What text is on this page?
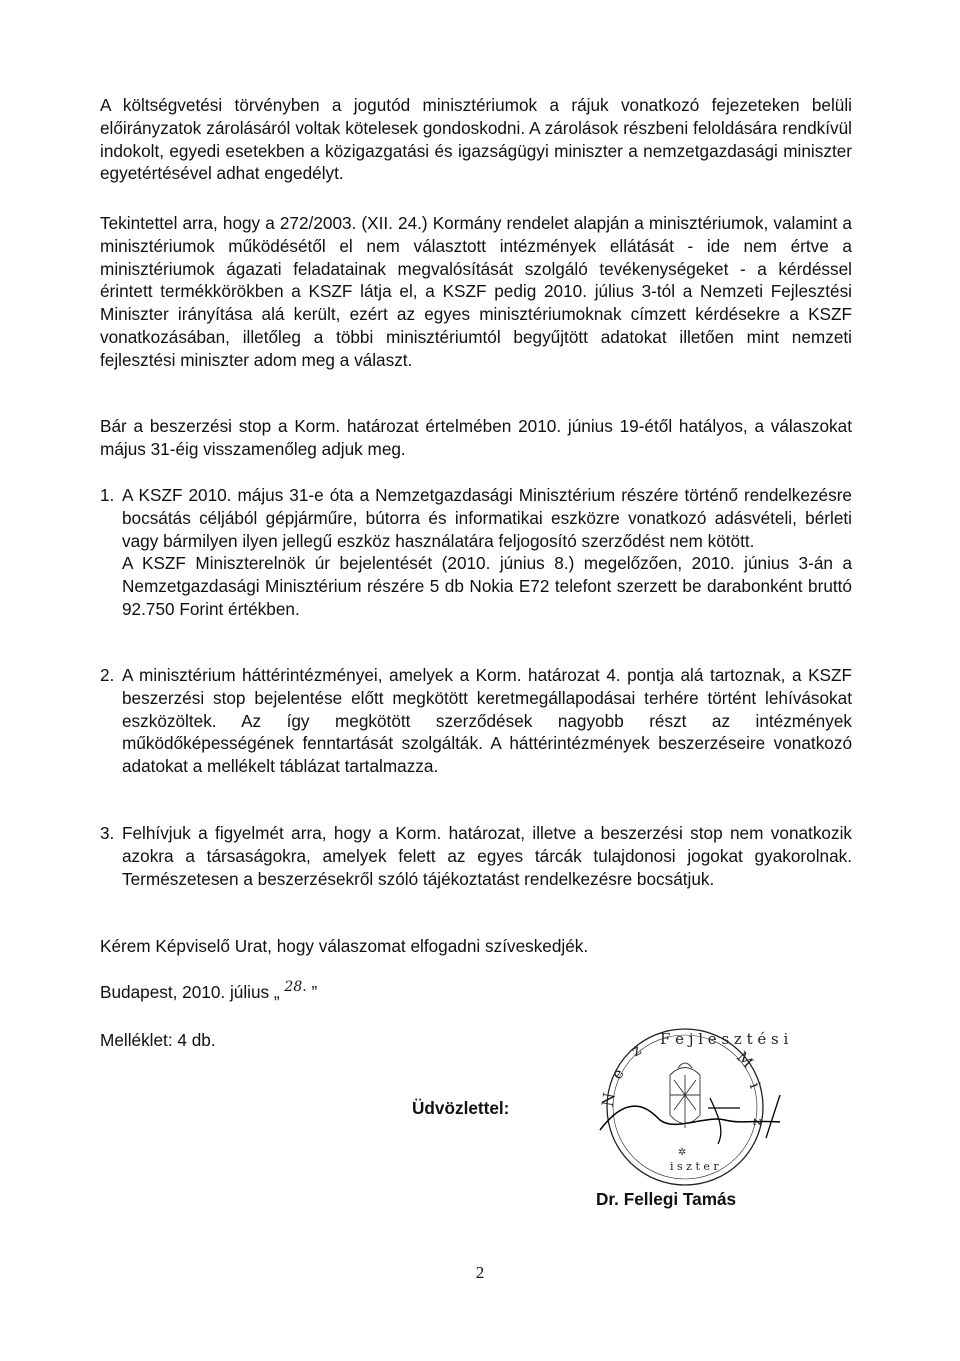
A költségvetési törvényben a jogutód minisztériumok a rájuk vonatkozó fejezeteken belüli előirányzatok zárolásáról voltak kötelesek gondoskodni. A zárolások részbeni feloldására rendkívül indokolt, egyedi esetekben a közigazgatási és igazságügyi miniszter a nemzetgazdasági miniszter egyetértésével adhat engedélyt.

Tekintettel arra, hogy a 272/2003. (XII. 24.) Kormány rendelet alapján a minisztériumok, valamint a minisztériumok működésétől el nem választott intézmények ellátását - ide nem értve a minisztériumok ágazati feladatainak megvalósítását szolgáló tevékenységeket - a kérdéssel érintett termékkörökben a KSZF látja el, a KSZF pedig 2010. július 3-tól a Nemzeti Fejlesztési Miniszter irányítása alá került, ezért az egyes minisztériumoknak címzett kérdésekre a KSZF vonatkozásában, illetőleg a többi minisztériumtól begyűjtött adatokat illetően mint nemzeti fejlesztési miniszter adom meg a választ.

Bár a beszerzési stop a Korm. határozat értelmében 2010. június 19-étől hatályos, a válaszokat május 31-éig visszamenőleg adjuk meg.

1. A KSZF 2010. május 31-e óta a Nemzetgazdasági Minisztérium részére történő rendelkezésre bocsátás céljából gépjárműre, bútorra és informatikai eszközre vonatkozó adásvételi, bérleti vagy bármilyen ilyen jellegű eszköz használatára feljogosító szerződést nem kötött.

A KSZF Miniszterelnök úr bejelentését (2010. június 8.) megelőzően, 2010. június 3-án a Nemzetgazdasági Minisztérium részére 5 db Nokia E72 telefont szerzett be darabonként bruttó 92.750 Forint értékben.

2. A minisztérium háttérintézményei, amelyek a Korm. határozat 4. pontja alá tartoznak, a KSZF beszerzési stop bejelentése előtt megkötött keretmegállapodásai terhére történt lehívásokat eszközöltek. Az így megkötött szerződések nagyobb részt az intézmények működőképességének fenntartását szolgálták. A háttérintézmények beszerzéseire vonatkozó adatokat a mellékelt táblázat tartalmazza.

3. Felhívjuk a figyelmét arra, hogy a Korm. határozat, illetve a beszerzési stop nem vonatkozik azokra a társaságokra, amelyek felett az egyes tárcák tulajdonosi jogokat gyakorolnak. Természetesen a beszerzésekről szóló tájékoztatást rendelkezésre bocsátjuk.

Kérem Képviselő Urat, hogy válaszomat elfogadni szíveskedjék.
Budapest, 2010. július „ $^{28.}$ ”
Melléklet: 4 db.
Üdvözlettel:	N
e
z
F e j l e s z t é s i
M
i
z
i s z t e r
✲
Dr. Fellegi Tamás
2
